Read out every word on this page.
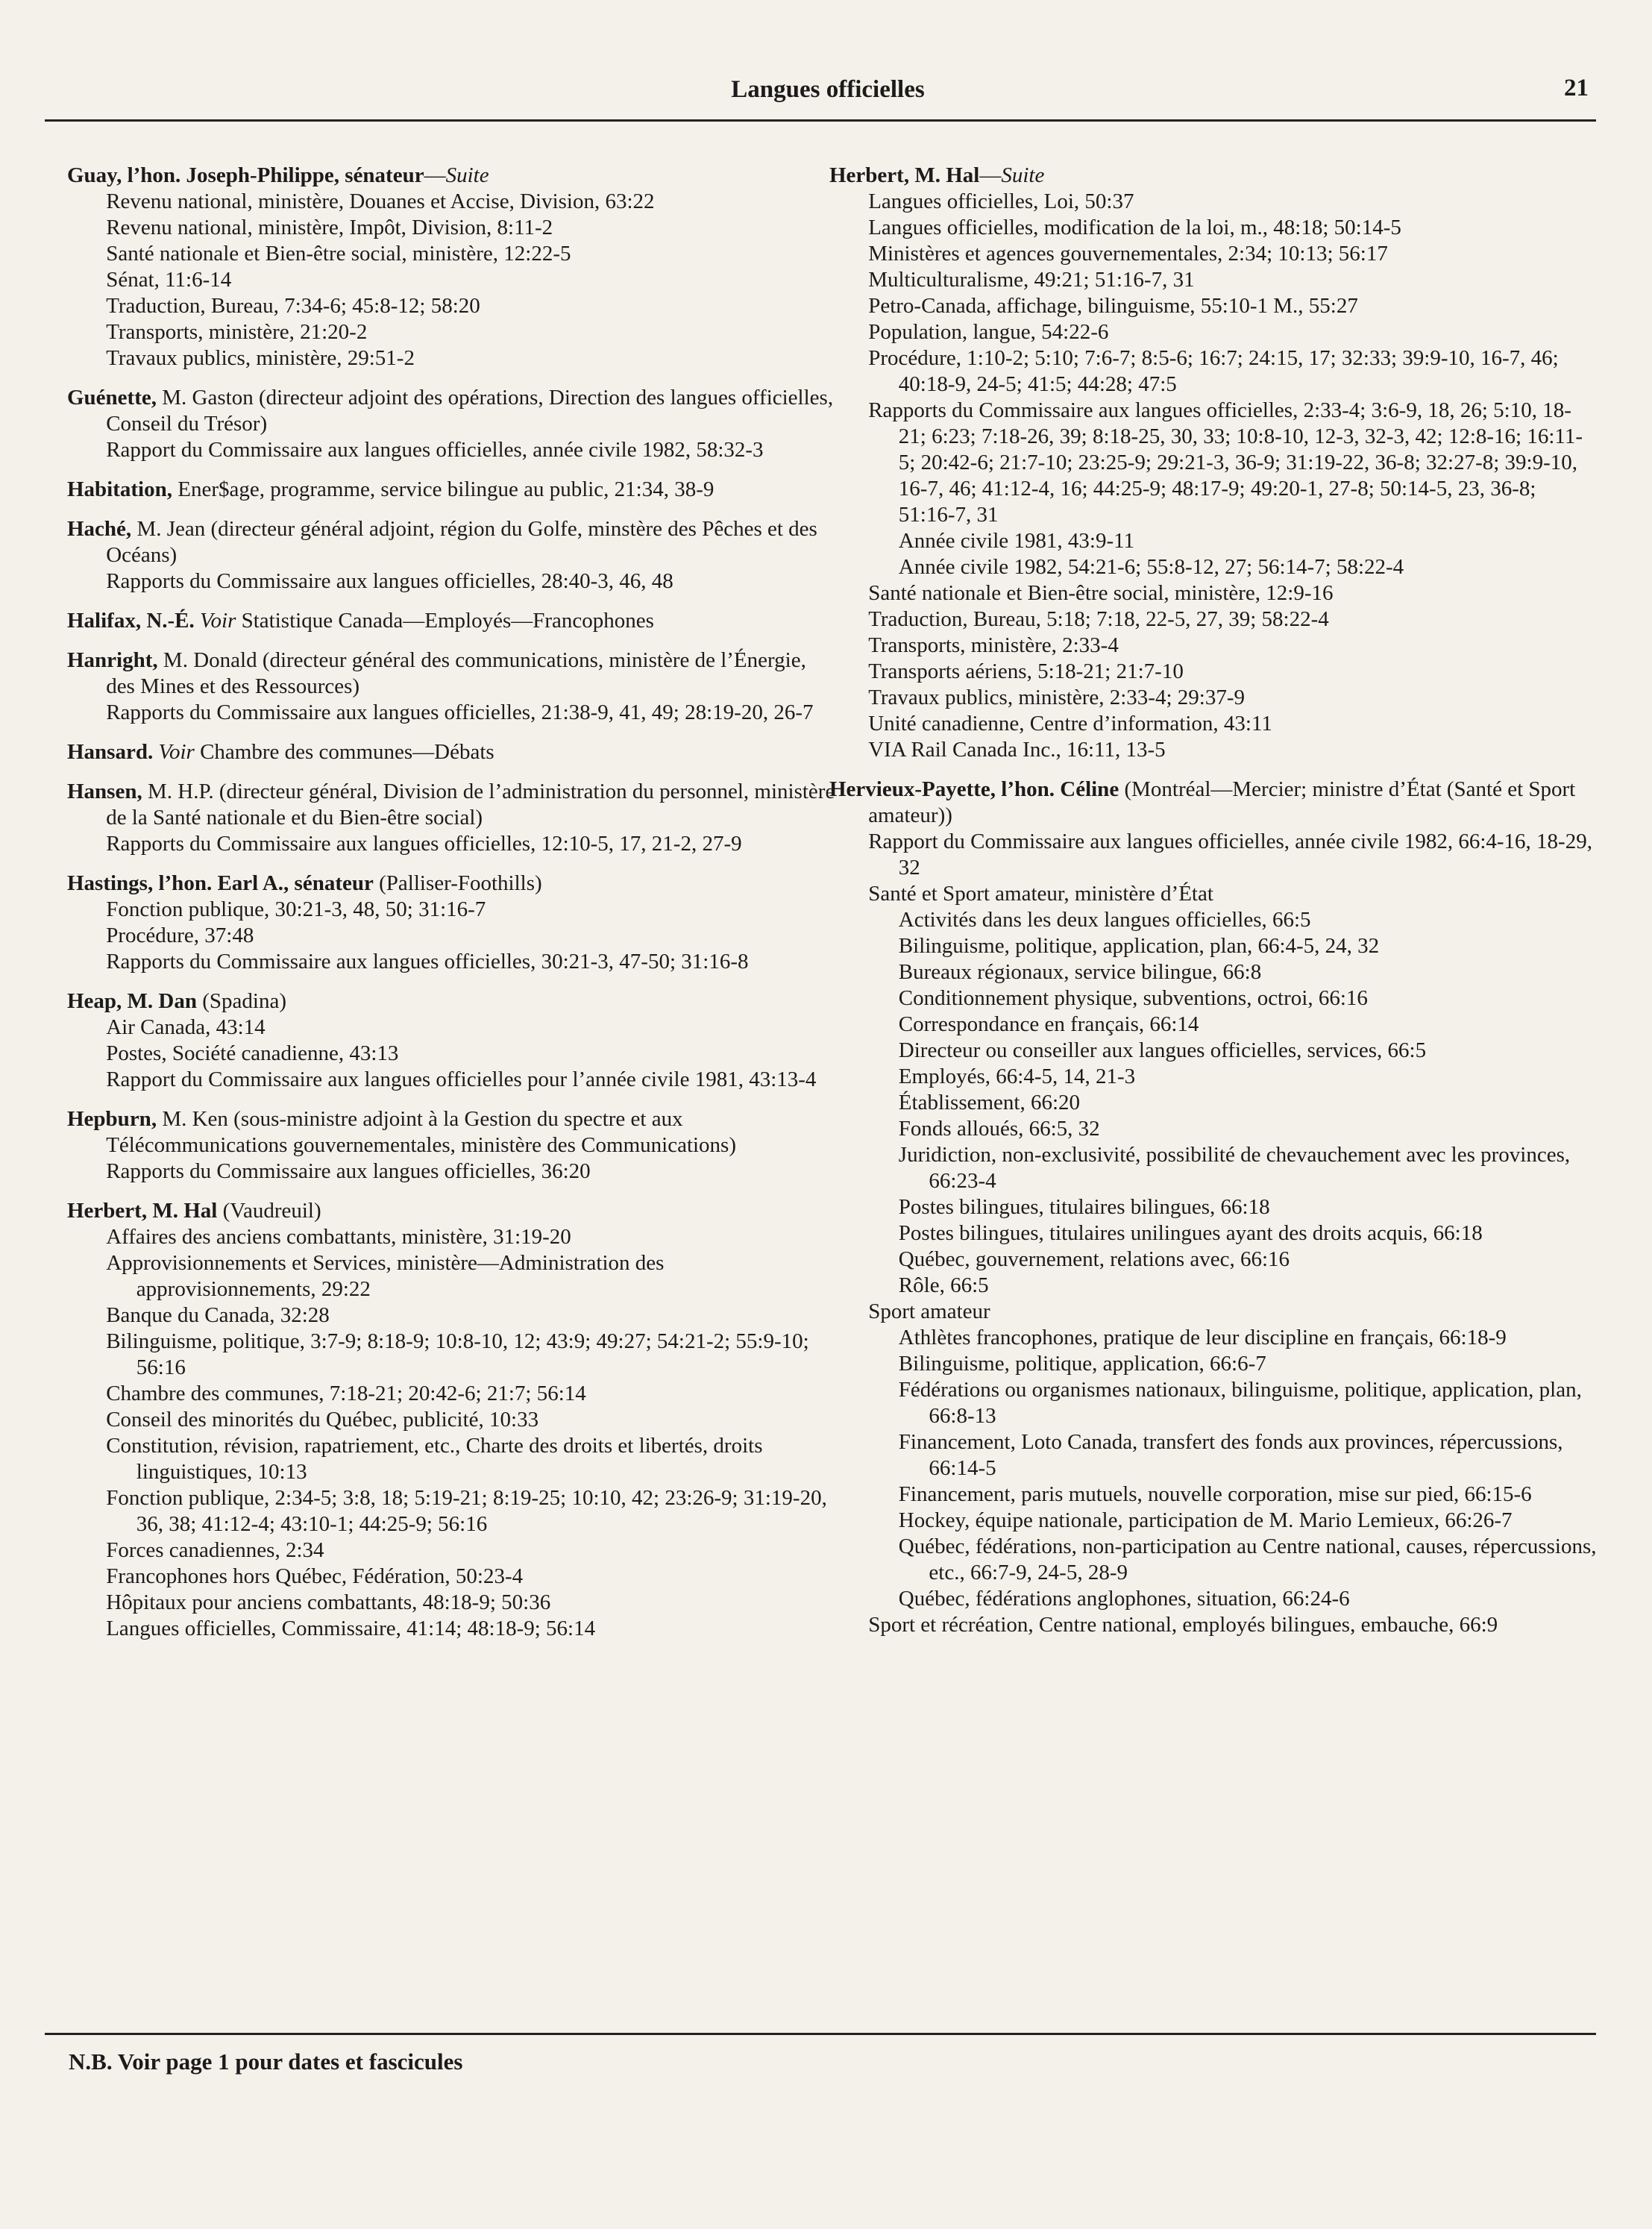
Langues officielles	21
Guay, l’hon. Joseph-Philippe, sénateur—Suite
Revenu national, ministère, Douanes et Accise, Division, 63:22
Revenu national, ministère, Impôt, Division, 8:11-2
Santé nationale et Bien-être social, ministère, 12:22-5
Sénat, 11:6-14
Traduction, Bureau, 7:34-6; 45:8-12; 58:20
Transports, ministère, 21:20-2
Travaux publics, ministère, 29:51-2
Guénette, M. Gaston (directeur adjoint des opérations, Direction des langues officielles, Conseil du Trésor)
Rapport du Commissaire aux langues officielles, année civile 1982, 58:32-3
Habitation, Ener$age, programme, service bilingue au public, 21:34, 38-9
Haché, M. Jean (directeur général adjoint, région du Golfe, minstère des Pêches et des Océans)
Rapports du Commissaire aux langues officielles, 28:40-3, 46, 48
Halifax, N.-É. Voir Statistique Canada—Employés—Francophones
Hanright, M. Donald (directeur général des communications, ministère de l’Énergie, des Mines et des Ressources)
Rapports du Commissaire aux langues officielles, 21:38-9, 41, 49; 28:19-20, 26-7
Hansard. Voir Chambre des communes—Débats
Hansen, M. H.P. (directeur général, Division de l’administration du personnel, ministère de la Santé nationale et du Bien-être social)
Rapports du Commissaire aux langues officielles, 12:10-5, 17, 21-2, 27-9
Hastings, l’hon. Earl A., sénateur (Palliser-Foothills)
Fonction publique, 30:21-3, 48, 50; 31:16-7
Procédure, 37:48
Rapports du Commissaire aux langues officielles, 30:21-3, 47-50; 31:16-8
Heap, M. Dan (Spadina)
Air Canada, 43:14
Postes, Société canadienne, 43:13
Rapport du Commissaire aux langues officielles pour l’année civile 1981, 43:13-4
Hepburn, M. Ken (sous-ministre adjoint à la Gestion du spectre et aux Télécommunications gouvernementales, ministère des Communications)
Rapports du Commissaire aux langues officielles, 36:20
Herbert, M. Hal (Vaudreuil)
Affaires des anciens combattants, ministère, 31:19-20
Approvisionnements et Services, ministère—Administration des approvisionnements, 29:22
Banque du Canada, 32:28
Bilinguisme, politique, 3:7-9; 8:18-9; 10:8-10, 12; 43:9; 49:27; 54:21-2; 55:9-10; 56:16
Chambre des communes, 7:18-21; 20:42-6; 21:7; 56:14
Conseil des minorités du Québec, publicité, 10:33
Constitution, révision, rapatriement, etc., Charte des droits et libertés, droits linguistiques, 10:13
Fonction publique, 2:34-5; 3:8, 18; 5:19-21; 8:19-25; 10:10, 42; 23:26-9; 31:19-20, 36, 38; 41:12-4; 43:10-1; 44:25-9; 56:16
Forces canadiennes, 2:34
Francophones hors Québec, Fédération, 50:23-4
Hôpitaux pour anciens combattants, 48:18-9; 50:36
Langues officielles, Commissaire, 41:14; 48:18-9; 56:14
Herbert, M. Hal—Suite
Langues officielles, Loi, 50:37
Langues officielles, modification de la loi, m., 48:18; 50:14-5
Ministères et agences gouvernementales, 2:34; 10:13; 56:17
Multiculturalisme, 49:21; 51:16-7, 31
Petro-Canada, affichage, bilinguisme, 55:10-1 M., 55:27
Population, langue, 54:22-6
Procédure, 1:10-2; 5:10; 7:6-7; 8:5-6; 16:7; 24:15, 17; 32:33; 39:9-10, 16-7, 46; 40:18-9, 24-5; 41:5; 44:28; 47:5
Rapports du Commissaire aux langues officielles, 2:33-4; 3:6-9, 18, 26; 5:10, 18-21; 6:23; 7:18-26, 39; 8:18-25, 30, 33; 10:8-10, 12-3, 32-3, 42; 12:8-16; 16:11-5; 20:42-6; 21:7-10; 23:25-9; 29:21-3, 36-9; 31:19-22, 36-8; 32:27-8; 39:9-10, 16-7, 46; 41:12-4, 16; 44:25-9; 48:17-9; 49:20-1, 27-8; 50:14-5, 23, 36-8; 51:16-7, 31
Année civile 1981, 43:9-11
Année civile 1982, 54:21-6; 55:8-12, 27; 56:14-7; 58:22-4
Santé nationale et Bien-être social, ministère, 12:9-16
Traduction, Bureau, 5:18; 7:18, 22-5, 27, 39; 58:22-4
Transports, ministère, 2:33-4
Transports aériens, 5:18-21; 21:7-10
Travaux publics, ministère, 2:33-4; 29:37-9
Unité canadienne, Centre d’information, 43:11
VIA Rail Canada Inc., 16:11, 13-5
Hervieux-Payette, l’hon. Céline (Montréal—Mercier; ministre d’État (Santé et Sport amateur))
Rapport du Commissaire aux langues officielles, année civile 1982, 66:4-16, 18-29, 32
Santé et Sport amateur, ministère d’État
Activités dans les deux langues officielles, 66:5
Bilinguisme, politique, application, plan, 66:4-5, 24, 32
Bureaux régionaux, service bilingue, 66:8
Conditionnement physique, subventions, octroi, 66:16
Correspondance en français, 66:14
Directeur ou conseiller aux langues officielles, services, 66:5
Employés, 66:4-5, 14, 21-3
Établissement, 66:20
Fonds alloués, 66:5, 32
Juridiction, non-exclusivité, possibilité de chevauchement avec les provinces, 66:23-4
Postes bilingues, titulaires bilingues, 66:18
Postes bilingues, titulaires unilingues ayant des droits acquis, 66:18
Québec, gouvernement, relations avec, 66:16
Rôle, 66:5
Sport amateur
Athlètes francophones, pratique de leur discipline en français, 66:18-9
Bilinguisme, politique, application, 66:6-7
Fédérations ou organismes nationaux, bilinguisme, politique, application, plan, 66:8-13
Financement, Loto Canada, transfert des fonds aux provinces, répercussions, 66:14-5
Financement, paris mutuels, nouvelle corporation, mise sur pied, 66:15-6
Hockey, équipe nationale, participation de M. Mario Lemieux, 66:26-7
Québec, fédérations, non-participation au Centre national, causes, répercussions, etc., 66:7-9, 24-5, 28-9
Québec, fédérations anglophones, situation, 66:24-6
Sport et récréation, Centre national, employés bilingues, embauche, 66:9
N.B. Voir page 1 pour dates et fascicules
